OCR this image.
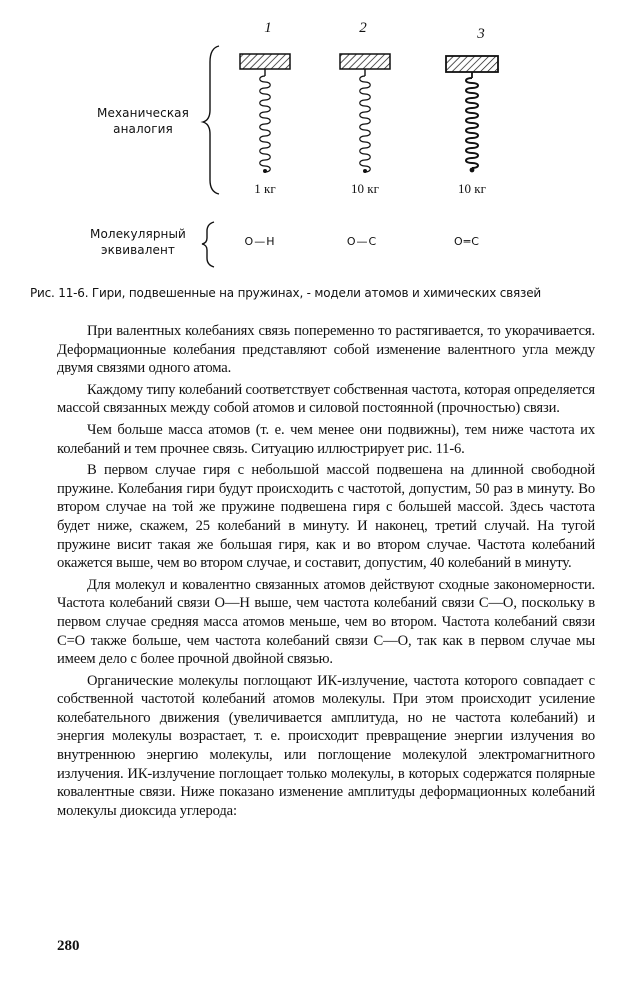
1	2	3
Механическая
аналогия
1 кг	10 кг	10 кг
Молекулярный
эквивалент
O—H	O—C	O═C
Рис. 11-6. Гири, подвешенные на пружинах, - модели атомов и химических связей

При валентных колебаниях связь попеременно то растягивается, то укорачивается. Деформационные колебания представляют собой изменение валентного угла между двумя связями одного атома.

Каждому типу колебаний соответствует собственная частота, которая определяется массой связанных между собой атомов и силовой постоянной (прочностью) связи.

Чем больше масса атомов (т. е. чем менее они подвижны), тем ниже частота их колебаний и тем прочнее связь. Ситуацию иллюстрирует рис. 11-6.

В первом случае гиря с небольшой массой подвешена на длинной свободной пружине. Колебания гири будут происходить с частотой, допустим, 50 раз в минуту. Во втором случае на той же пружине подвешена гиря с большей массой. Здесь частота будет ниже, скажем, 25 колебаний в минуту. И наконец, третий случай. На тугой пружине висит такая же большая гиря, как и во втором случае. Частота колебаний окажется выше, чем во втором случае, и составит, допустим, 40 колебаний в минуту.

Для молекул и ковалентно связанных атомов действуют сходные закономерности. Частота колебаний связи O—H выше, чем частота колебаний связи C—O, поскольку в первом случае средняя масса атомов меньше, чем во втором. Частота колебаний связи C=O также больше, чем частота колебаний связи C—O, так как в первом случае мы имеем дело с более прочной двойной связью.

Органические молекулы поглощают ИК-излучение, частота которого совпадает с собственной частотой колебаний атомов молекулы. При этом происходит усиление колебательного движения (увеличивается амплитуда, но не частота колебаний) и энергия молекулы возрастает, т. е. происходит превращение энергии излучения во внутреннюю энергию молекулы, или поглощение молекулой электромагнитного излучения. ИК-излучение поглощает только молекулы, в которых содержатся полярные ковалентные связи. Ниже показано изменение амплитуды деформационных колебаний молекулы диоксида углерода:

280
